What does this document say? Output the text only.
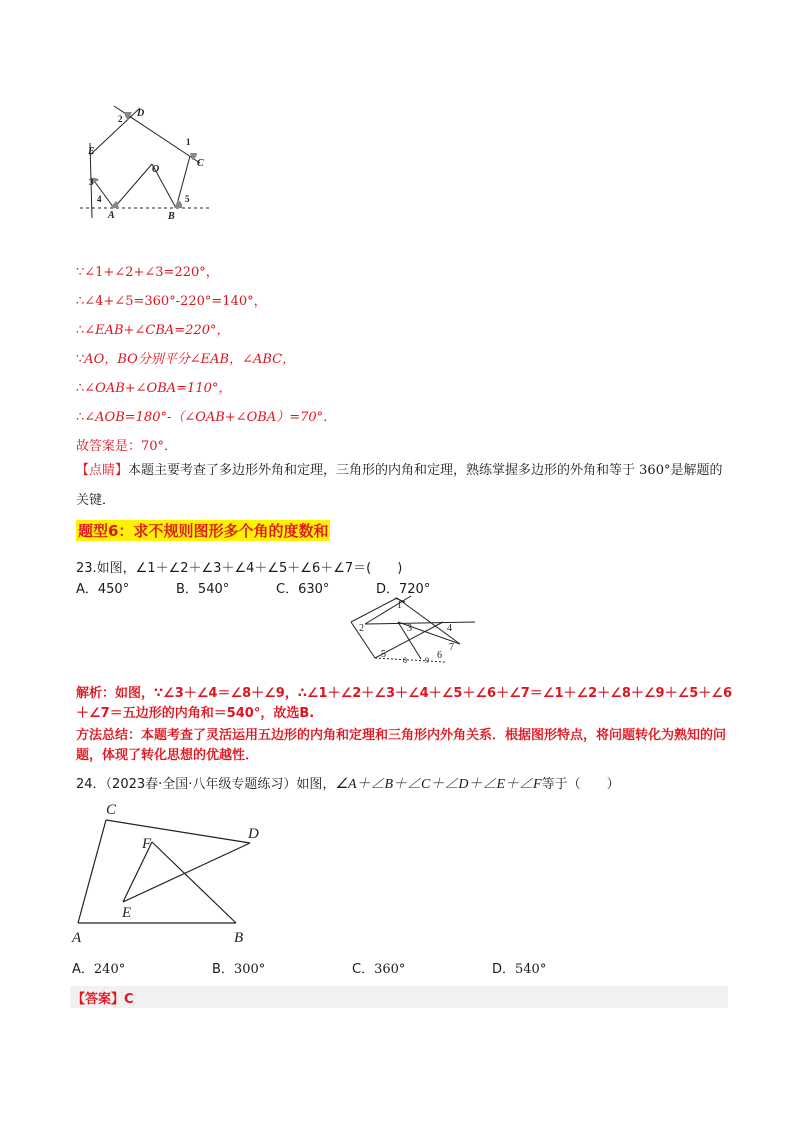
D
E
O
C
A	B
2
1
3
4	5
∵∠1+∠2+∠3=220°，
∴∠4+∠5=360°-220°=140°，
∴∠EAB+∠CBA=220°，
∵AO，BO分别平分∠EAB，∠ABC，
∴∠OAB+∠OBA=110°，
∴∠AOB=180°-（∠OAB+∠OBA）=70°．
故答案是：70°．
【点睛】本题主要考查了多边形外角和定理，三角形的内角和定理，熟练掌握多边形的外角和等于 360°是解题的关键．
题型6：求不规则图形多个角的度数和
23.如图，∠1＋∠2＋∠3＋∠4＋∠5＋∠6＋∠7＝(　　)
A．450°	B．540°	C．630°	D．720°
1
2	3	4
5	6
7
8 9
解析：如图，∵∠3＋∠4＝∠8＋∠9，∴∠1＋∠2＋∠3＋∠4＋∠5＋∠6＋∠7＝∠1＋∠2＋∠8＋∠9＋∠5＋∠6＋∠7＝五边形的内角和＝540°，故选B.
方法总结：本题考查了灵活运用五边形的内角和定理和三角形内外角关系．根据图形特点，将问题转化为熟知的问题，体现了转化思想的优越性．
24．（2023春·全国·八年级专题练习）如图，∠A＋∠B＋∠C＋∠D＋∠E＋∠F等于（　　）
C
D
F
E
A	B
A．240°	B．300°	C．360°	D．540°
【答案】C
